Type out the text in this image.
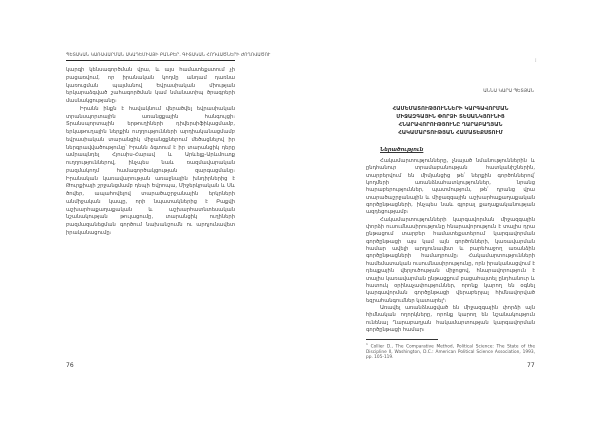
ՊԵՏԱԿԱՆ ԿԱՌԱՎԱՐՄԱՆ ԱԿԱԴԵՄԻԱՅԻ ԲԱՆԲԵՐ. ԳԻՏԱԿԱՆ ՀՈԴՎԱԾՆԵՐԻ ԺՈՂՈՎԱԾՈՒ

կարգի կենսագործման վրա, և այս համատեքստում չի բացառվում, որ իրանական կողմը անդամ դառնա կառուցման պայմանով Եվրասիական միության երկարաձգված շահագործման կամ նմանատիպ ծրագրերի մասնակցությանը։

Իրանն ինքն է հավակնում վերածվել եվրասիական տրանսպորտային առանցքային հանգույցի։ Տրանսպորտային երթուղիների դիվերսիֆիկացմամբ, երկաթուղային ներքին ուղղությունների արդիականացմամբ եվրասիական տարանցիկ միջանցքներում մեծացնելով իր ներգրավվածությունը՝ Իրանն ձգտում է իր տարանցիկ դերը ամրապնդել Հյուսիս-Հարավ և Արևելք-Արևմուտք ուղղություններով, ինչպես նաև ռազմավարական բազմակողմ համագործակցության զարգացմանը։ Իրանական կառավարության առաջնային խնդիրներից է Թուրքիայի շրջանցմամբ դեպի Եվրոպա, Միջերկրական և Սև ծովեր, ապահովելով տարածաշրջանային երկրների անմիջական կապը, որի նպատակներից է Բաքվի աշխարհաքաղաքական և աշխարհատնտեսական նշանակության թուլացումը, տարանցիկ ուղիների բազմազանեցման գործում նախանշումն ու արդյունավետ իրականացումը։

76
⁞
ԱՆՆԱ ԿԱՐԱ ՊԵՏՅԱՆ
ՀԱՄԵՄԱՏՈՒԹՅՈՒՆՆԵՐԻ ԿԱՐԳԱՎՈՐՄԱՆ
ՄԻՋԱԶԳԱՅԻՆ ՓՈՐՁԻ ՏԵՍԱՆԿՅՈՒՆԻՑ
ՀՆԱՐԱՎՈՐՈՒԹՅՈՒՆԸ ՂԱՐԱԲԱՂՅԱՆ
ՀԱԿԱՄԱՐՏՈՒԹՅԱՆ ՀԱՄԱՏԵՔՍՏՈՒՄ
Ներածություն

Հակամարտությունները, չնայած նմանություններին և ընդհանուր տրամաբանության հատկանիշներին, տարբերվում են միմյանցից թե՛ ներքին գործոններով՝ կողմերի առանձնահատկություններ, նրանց հարաբերություններ, պատմություն, թե՛ դրանց վրա տարածաշրջանային և միջազգային աշխարհաքաղաքական գործընթացների, ինչպես նաև գլոբալ քաղաքականության ազդեցությամբ։

Հակամարտությունների կարգավորման միջազգային փորձի ուսումնասիրությունը հնարավորություն է տալիս դրա ընթացում տարբեր համատեքստերում կարգավորման գործընթացի այս կամ այն գործոնների, կառավարման համար ավելի արդյունավետ և բարեհաջող առանձին գործընթացների համադրումը։ Հակամարտությունների համեմատական ուսումնասիրությունը, որն իրականացվում է դեպքային վերլուծության միջոցով, հնարավորություն է տալիս կառավարման ընթացքում բացահայտել ընդհանուր և հատուկ օրինաչափություններ, որոնք կարող են օգնել կարգավորման գործընթացի վերաբերյալ հիմնավորված եզրահանգումներ կատարել¹։

Առավել առանձնացված են միջազգային փորձի այն հիմնական ողորկները, որոնք կարող են նշանակություն ունենալ Ղարաբաղյան հակամարտության կարգավորման գործընթացի համար։

$^1$ Collier D., The Comparative Method, Political Science: The State of the Discipline II, Washington, D.C.: American Political Science Association, 1993, pp. 105-119.
77
